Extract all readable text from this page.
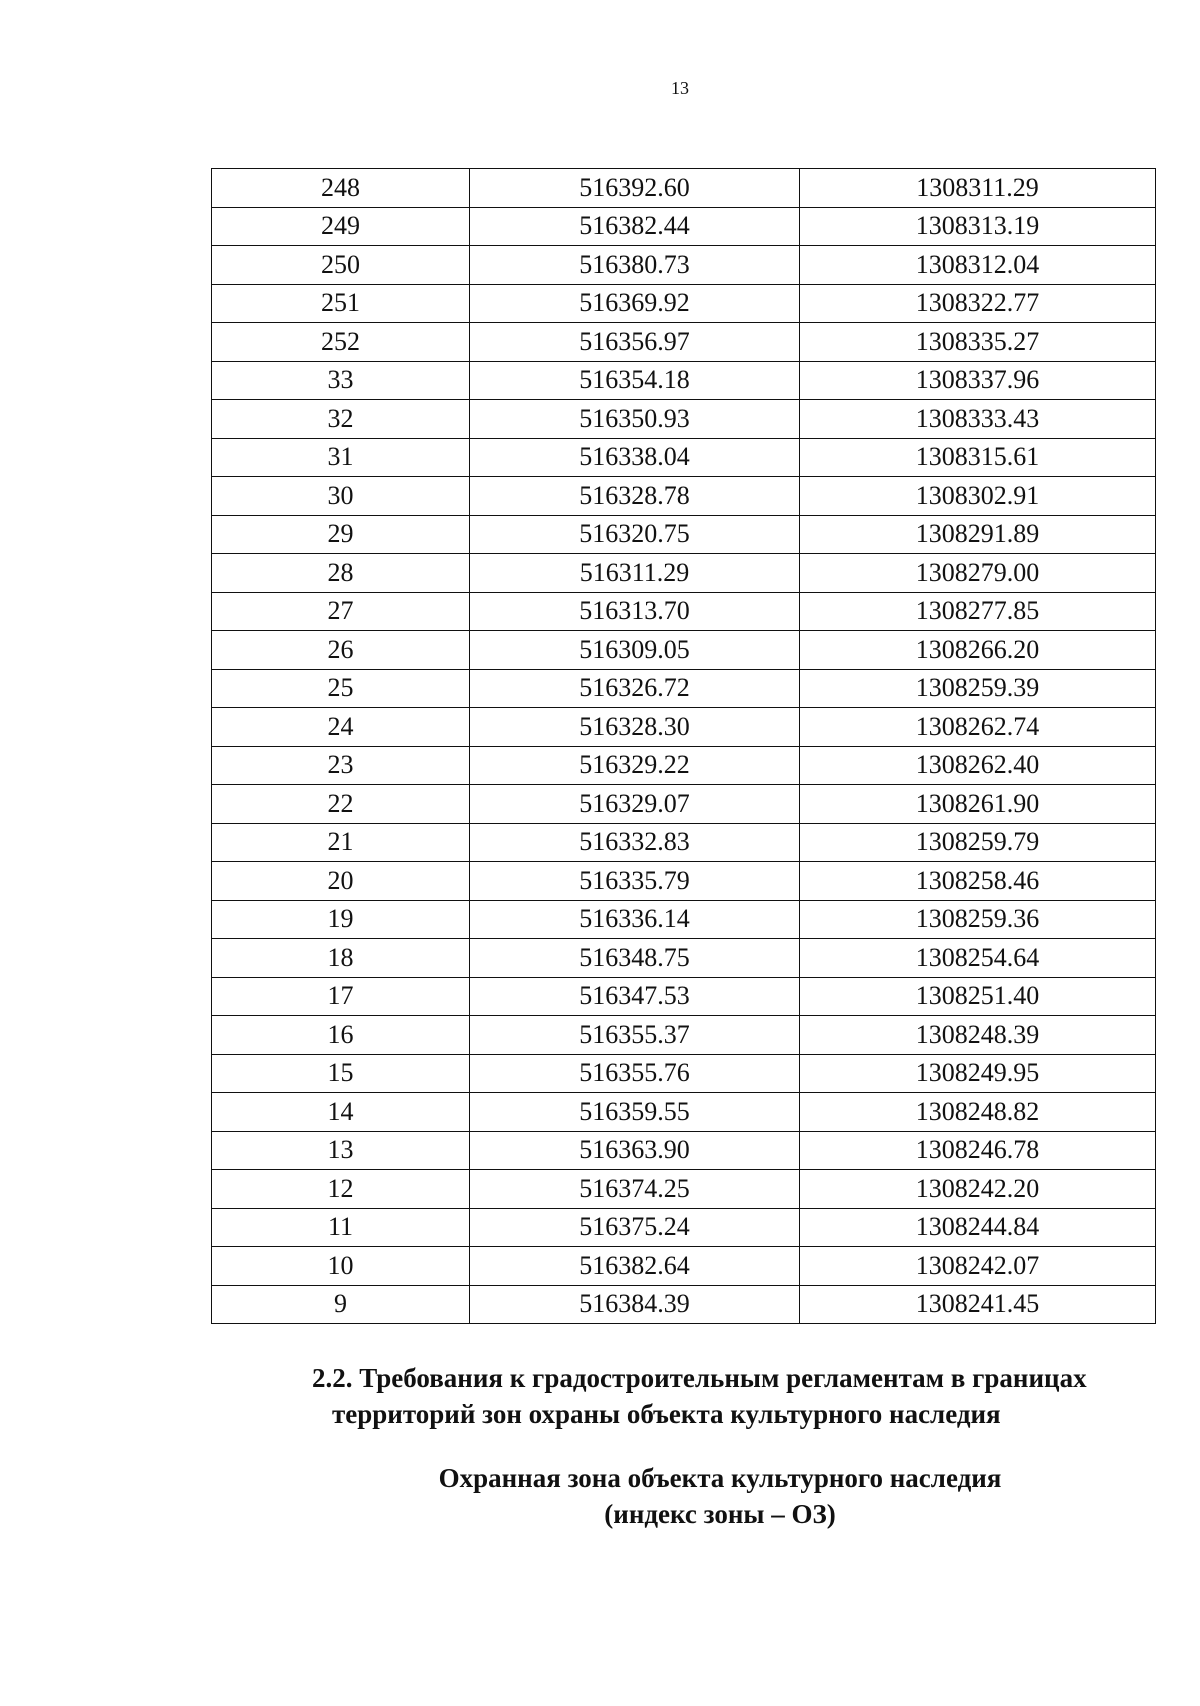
13
248	516392.60	1308311.29
249	516382.44	1308313.19
250	516380.73	1308312.04
251	516369.92	1308322.77
252	516356.97	1308335.27
33	516354.18	1308337.96
32	516350.93	1308333.43
31	516338.04	1308315.61
30	516328.78	1308302.91
29	516320.75	1308291.89
28	516311.29	1308279.00
27	516313.70	1308277.85
26	516309.05	1308266.20
25	516326.72	1308259.39
24	516328.30	1308262.74
23	516329.22	1308262.40
22	516329.07	1308261.90
21	516332.83	1308259.79
20	516335.79	1308258.46
19	516336.14	1308259.36
18	516348.75	1308254.64
17	516347.53	1308251.40
16	516355.37	1308248.39
15	516355.76	1308249.95
14	516359.55	1308248.82
13	516363.90	1308246.78
12	516374.25	1308242.20
11	516375.24	1308244.84
10	516382.64	1308242.07
9	516384.39	1308241.45
2.2. Требования к градостроительным регламентам в границах
территорий зон охраны объекта культурного наследия
Охранная зона объекта культурного наследия
(индекс зоны – ОЗ)
